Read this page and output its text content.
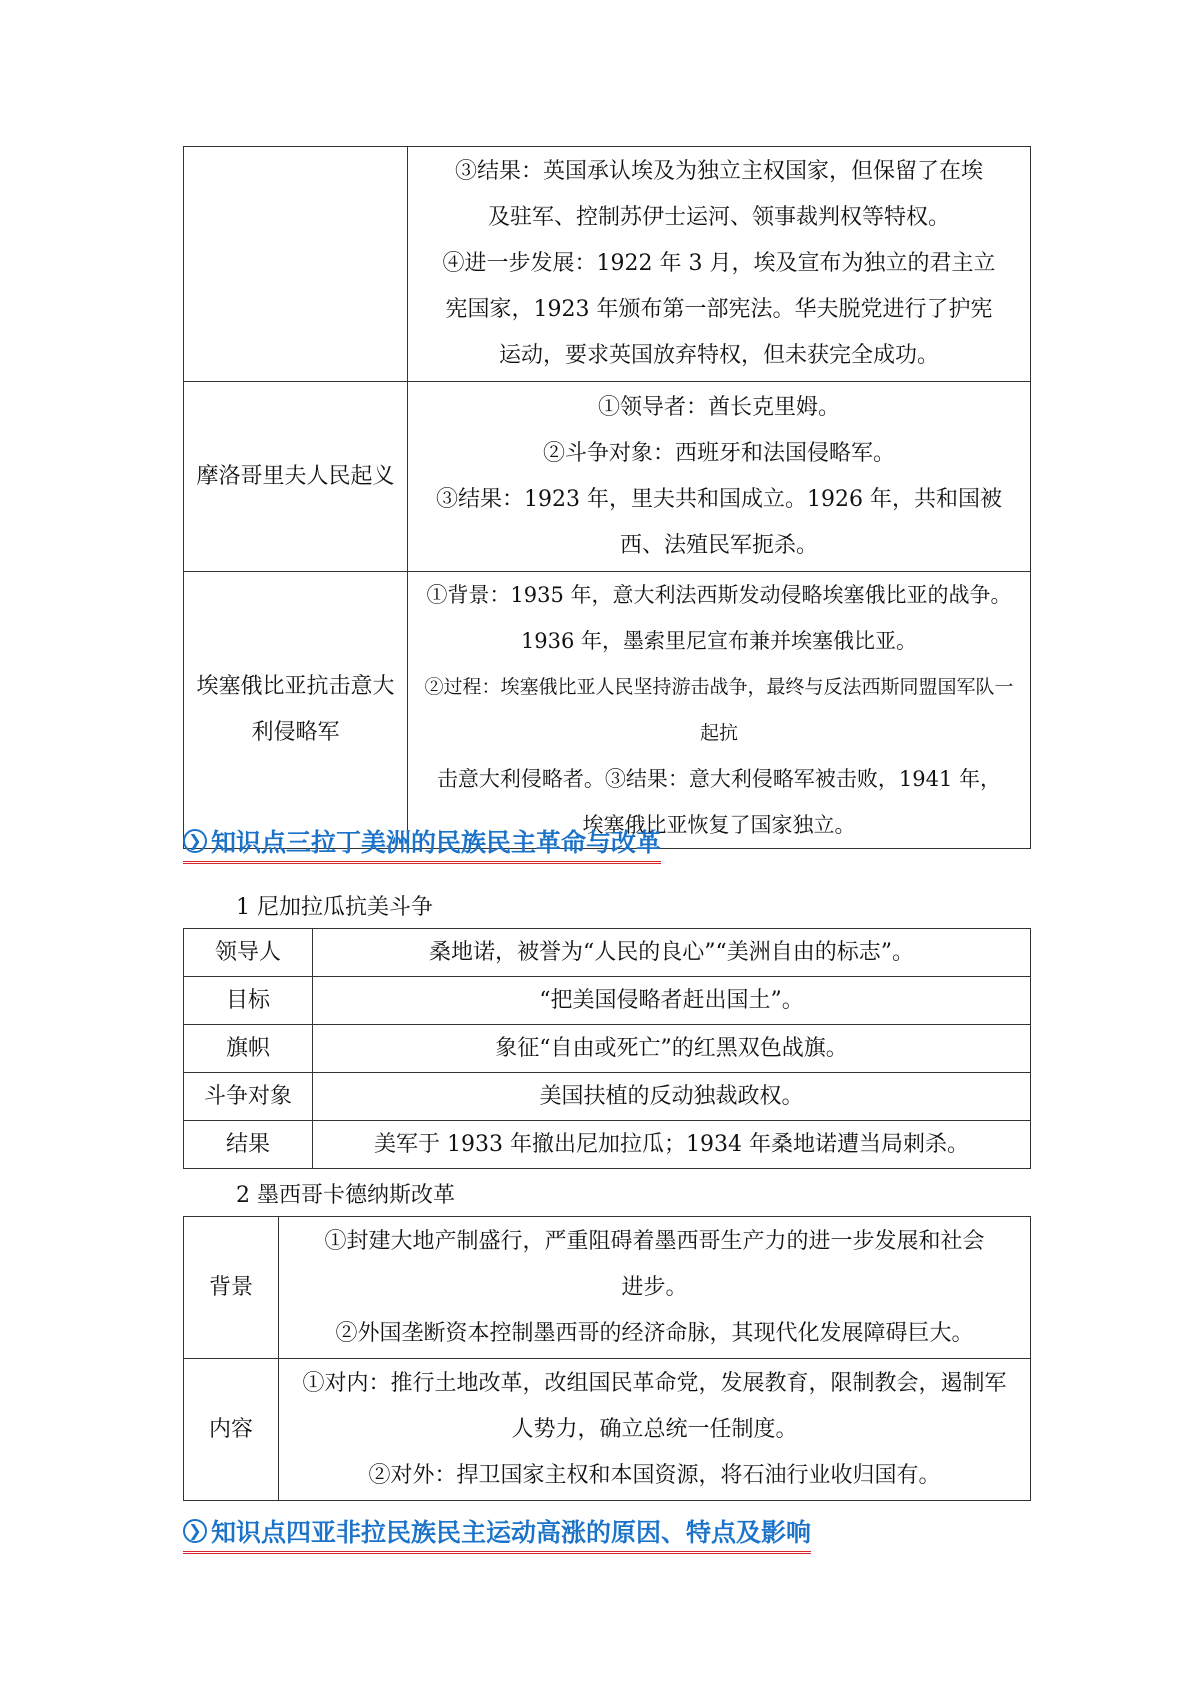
	③结果：英国承认埃及为独立主权国家，但保留了在埃

及驻军、控制苏伊士运河、领事裁判权等特权。

④进一步发展：1922 年 3 月，埃及宣布为独立的君主立

宪国家，1923 年颁布第一部宪法。华夫脱党进行了护宪

运动，要求英国放弃特权，但未获完全成功。

摩洛哥里夫人民起义	①领导者：酋长克里姆。

②斗争对象：西班牙和法国侵略军。

③结果：1923 年，里夫共和国成立。1926 年，共和国被

西、法殖民军扼杀。

埃塞俄比亚抗击意大利侵略军	①背景：1935 年，意大利法西斯发动侵略埃塞俄比亚的战争。

1936 年，墨索里尼宣布兼并埃塞俄比亚。

②过程：埃塞俄比亚人民坚持游击战争，最终与反法西斯同盟国军队一起抗

击意大利侵略者。③结果：意大利侵略军被击败，1941 年，

埃塞俄比亚恢复了国家独立。

❯ 知识点三拉丁美洲的民族民主革命与改革
1 尼加拉瓜抗美斗争
领导人	桑地诺，被誉为“人民的良心”“美洲自由的标志”。
目标	“把美国侵略者赶出国土”。
旗帜	象征“自由或死亡”的红黑双色战旗。
斗争对象	美国扶植的反动独裁政权。
结果	美军于 1933 年撤出尼加拉瓜；1934 年桑地诺遭当局刺杀。
2 墨西哥卡德纳斯改革
背景	①封建大地产制盛行，严重阻碍着墨西哥生产力的进一步发展和社会

进步。

②外国垄断资本控制墨西哥的经济命脉，其现代化发展障碍巨大。

内容	①对内：推行土地改革，改组国民革命党，发展教育，限制教会，遏制军

人势力，确立总统一任制度。

②对外：捍卫国家主权和本国资源，将石油行业收归国有。

❯ 知识点四亚非拉民族民主运动高涨的原因、特点及影响
